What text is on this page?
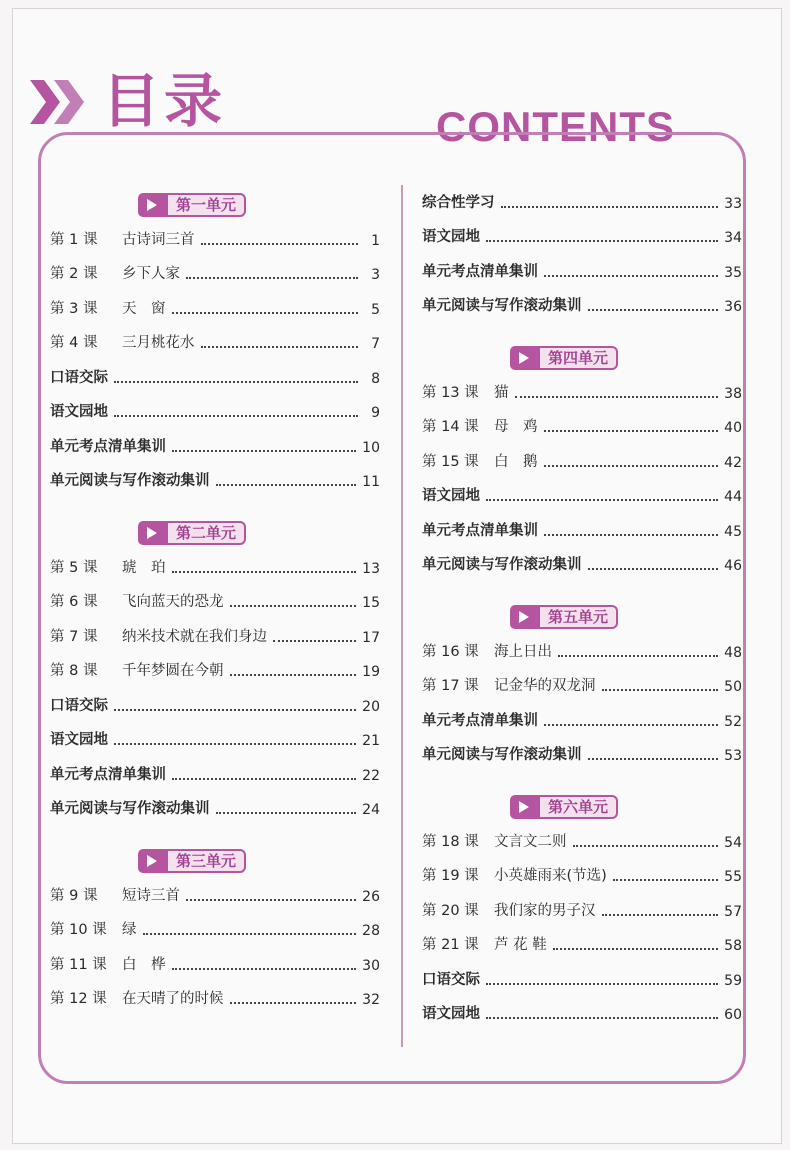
目录	CONTENTS
第一单元
第 1 课	古诗词三首	1
第 2 课	乡下人家	3
第 3 课	天　窗	5
第 4 课	三月桃花水	7
口语交际	8
语文园地	9
单元考点清单集训	10
单元阅读与写作滚动集训	11
第二单元
第 5 课	琥　珀	13
第 6 课	飞向蓝天的恐龙	15
第 7 课	纳米技术就在我们身边	17
第 8 课	千年梦圆在今朝	19
口语交际	20
语文园地	21
单元考点清单集训	22
单元阅读与写作滚动集训	24
第三单元
第 9 课	短诗三首	26
第 10 课	绿	28
第 11 课	白　桦	30
第 12 课	在天晴了的时候	32
综合性学习	33
语文园地	34
单元考点清单集训	35
单元阅读与写作滚动集训	36
第四单元
第 13 课	猫	38
第 14 课	母　鸡	40
第 15 课	白　鹅	42
语文园地	44
单元考点清单集训	45
单元阅读与写作滚动集训	46
第五单元
第 16 课	海上日出	48
第 17 课	记金华的双龙洞	50
单元考点清单集训	52
单元阅读与写作滚动集训	53
第六单元
第 18 课	文言文二则	54
第 19 课	小英雄雨来(节选)	55
第 20 课	我们家的男子汉	57
第 21 课	芦 花 鞋	58
口语交际	59
语文园地	60
